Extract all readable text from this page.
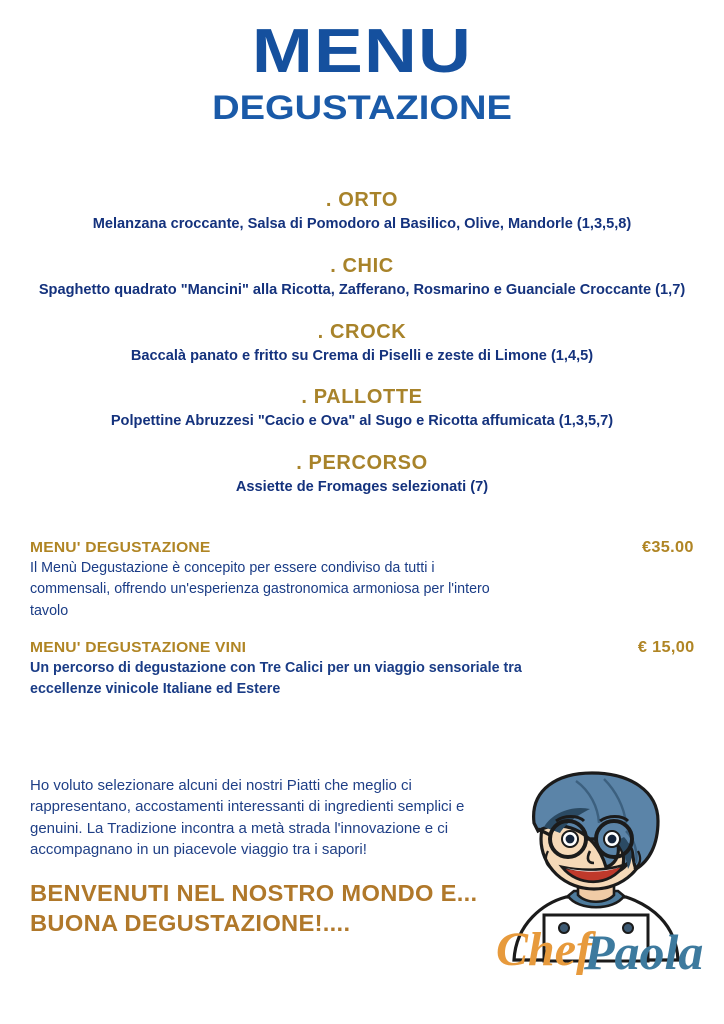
MENU
DEGUSTAZIONE
. ORTO
Melanzana croccante, Salsa di Pomodoro al Basilico, Olive, Mandorle (1,3,5,8)
. CHIC
Spaghetto quadrato "Mancini" alla Ricotta, Zafferano, Rosmarino e Guanciale Croccante (1,7)
. CROCK
Baccalà panato e fritto su Crema di Piselli e zeste di Limone (1,4,5)
. PALLOTTE
Polpettine Abruzzesi "Cacio e Ova" al Sugo e Ricotta affumicata (1,3,5,7)
. PERCORSO
Assiette de Fromages selezionati (7)
MENU' DEGUSTAZIONE	€35.00
Il Menù Degustazione è concepito per essere condiviso da tutti i commensali, offrendo un'esperienza gastronomica armoniosa per l'intero tavolo
MENU' DEGUSTAZIONE VINI	€ 15,00
Un percorso di degustazione con Tre Calici per un viaggio sensoriale tra eccellenze vinicole Italiane ed Estere
Ho voluto selezionare alcuni dei nostri Piatti che meglio ci rappresentano, accostamenti interessanti di ingredienti semplici e genuini. La Tradizione incontra a metà strada l'innovazione e ci accompagnano in un piacevole viaggio tra i sapori!
BENVENUTI NEL NOSTRO MONDO E...
BUONA DEGUSTAZIONE!....	Chef
Paola
